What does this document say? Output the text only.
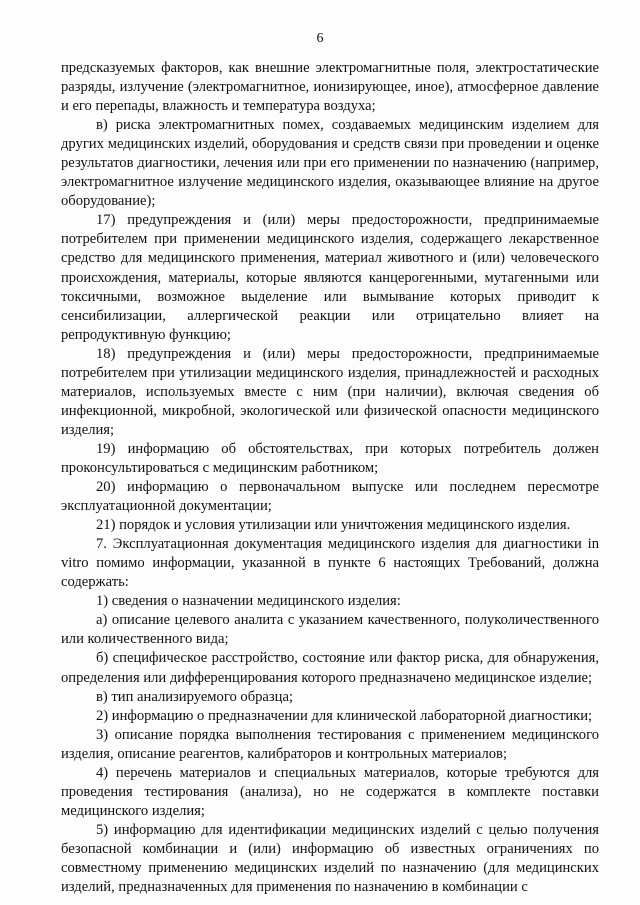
6

предсказуемых факторов, как внешние электромагнитные поля, электростатические разряды, излучение (электромагнитное, ионизирующее, иное), атмосферное давление и его перепады, влажность и температура воздуха;

в) риска электромагнитных помех, создаваемых медицинским изделием для других медицинских изделий, оборудования и средств связи при проведении и оценке результатов диагностики, лечения или при его применении по назначению (например, электромагнитное излучение медицинского изделия, оказывающее влияние на другое оборудование);

17) предупреждения и (или) меры предосторожности, предпринимаемые потребителем при применении медицинского изделия, содержащего лекарственное средство для медицинского применения, материал животного и (или) человеческого происхождения, материалы, которые являются канцерогенными, мутагенными или токсичными, возможное выделение или вымывание которых приводит к сенсибилизации, аллергической реакции или отрицательно влияет на репродуктивную функцию;

18) предупреждения и (или) меры предосторожности, предпринимаемые потребителем при утилизации медицинского изделия, принадлежностей и расходных материалов, используемых вместе с ним (при наличии), включая сведения об инфекционной, микробной, экологической или физической опасности медицинского изделия;

19) информацию об обстоятельствах, при которых потребитель должен проконсультироваться с медицинским работником;

20) информацию о первоначальном выпуске или последнем пересмотре эксплуатационной документации;

21) порядок и условия утилизации или уничтожения медицинского изделия.

7. Эксплуатационная документация медицинского изделия для диагностики in vitro помимо информации, указанной в пункте 6 настоящих Требований, должна содержать:

1) сведения о назначении медицинского изделия:

а) описание целевого аналита с указанием качественного, полуколичественного или количественного вида;

б) специфическое расстройство, состояние или фактор риска, для обнаружения, определения или дифференцирования которого предназначено медицинское изделие;

в) тип анализируемого образца;

2) информацию о предназначении для клинической лабораторной диагностики;

3) описание порядка выполнения тестирования с применением медицинского изделия, описание реагентов, калибраторов и контрольных материалов;

4) перечень материалов и специальных материалов, которые требуются для проведения тестирования (анализа), но не содержатся в комплекте поставки медицинского изделия;

5) информацию для идентификации медицинских изделий с целью получения безопасной комбинации и (или) информацию об известных ограничениях по совместному применению медицинских изделий по назначению (для медицинских изделий, предназначенных для применения по назначению в комбинации с
